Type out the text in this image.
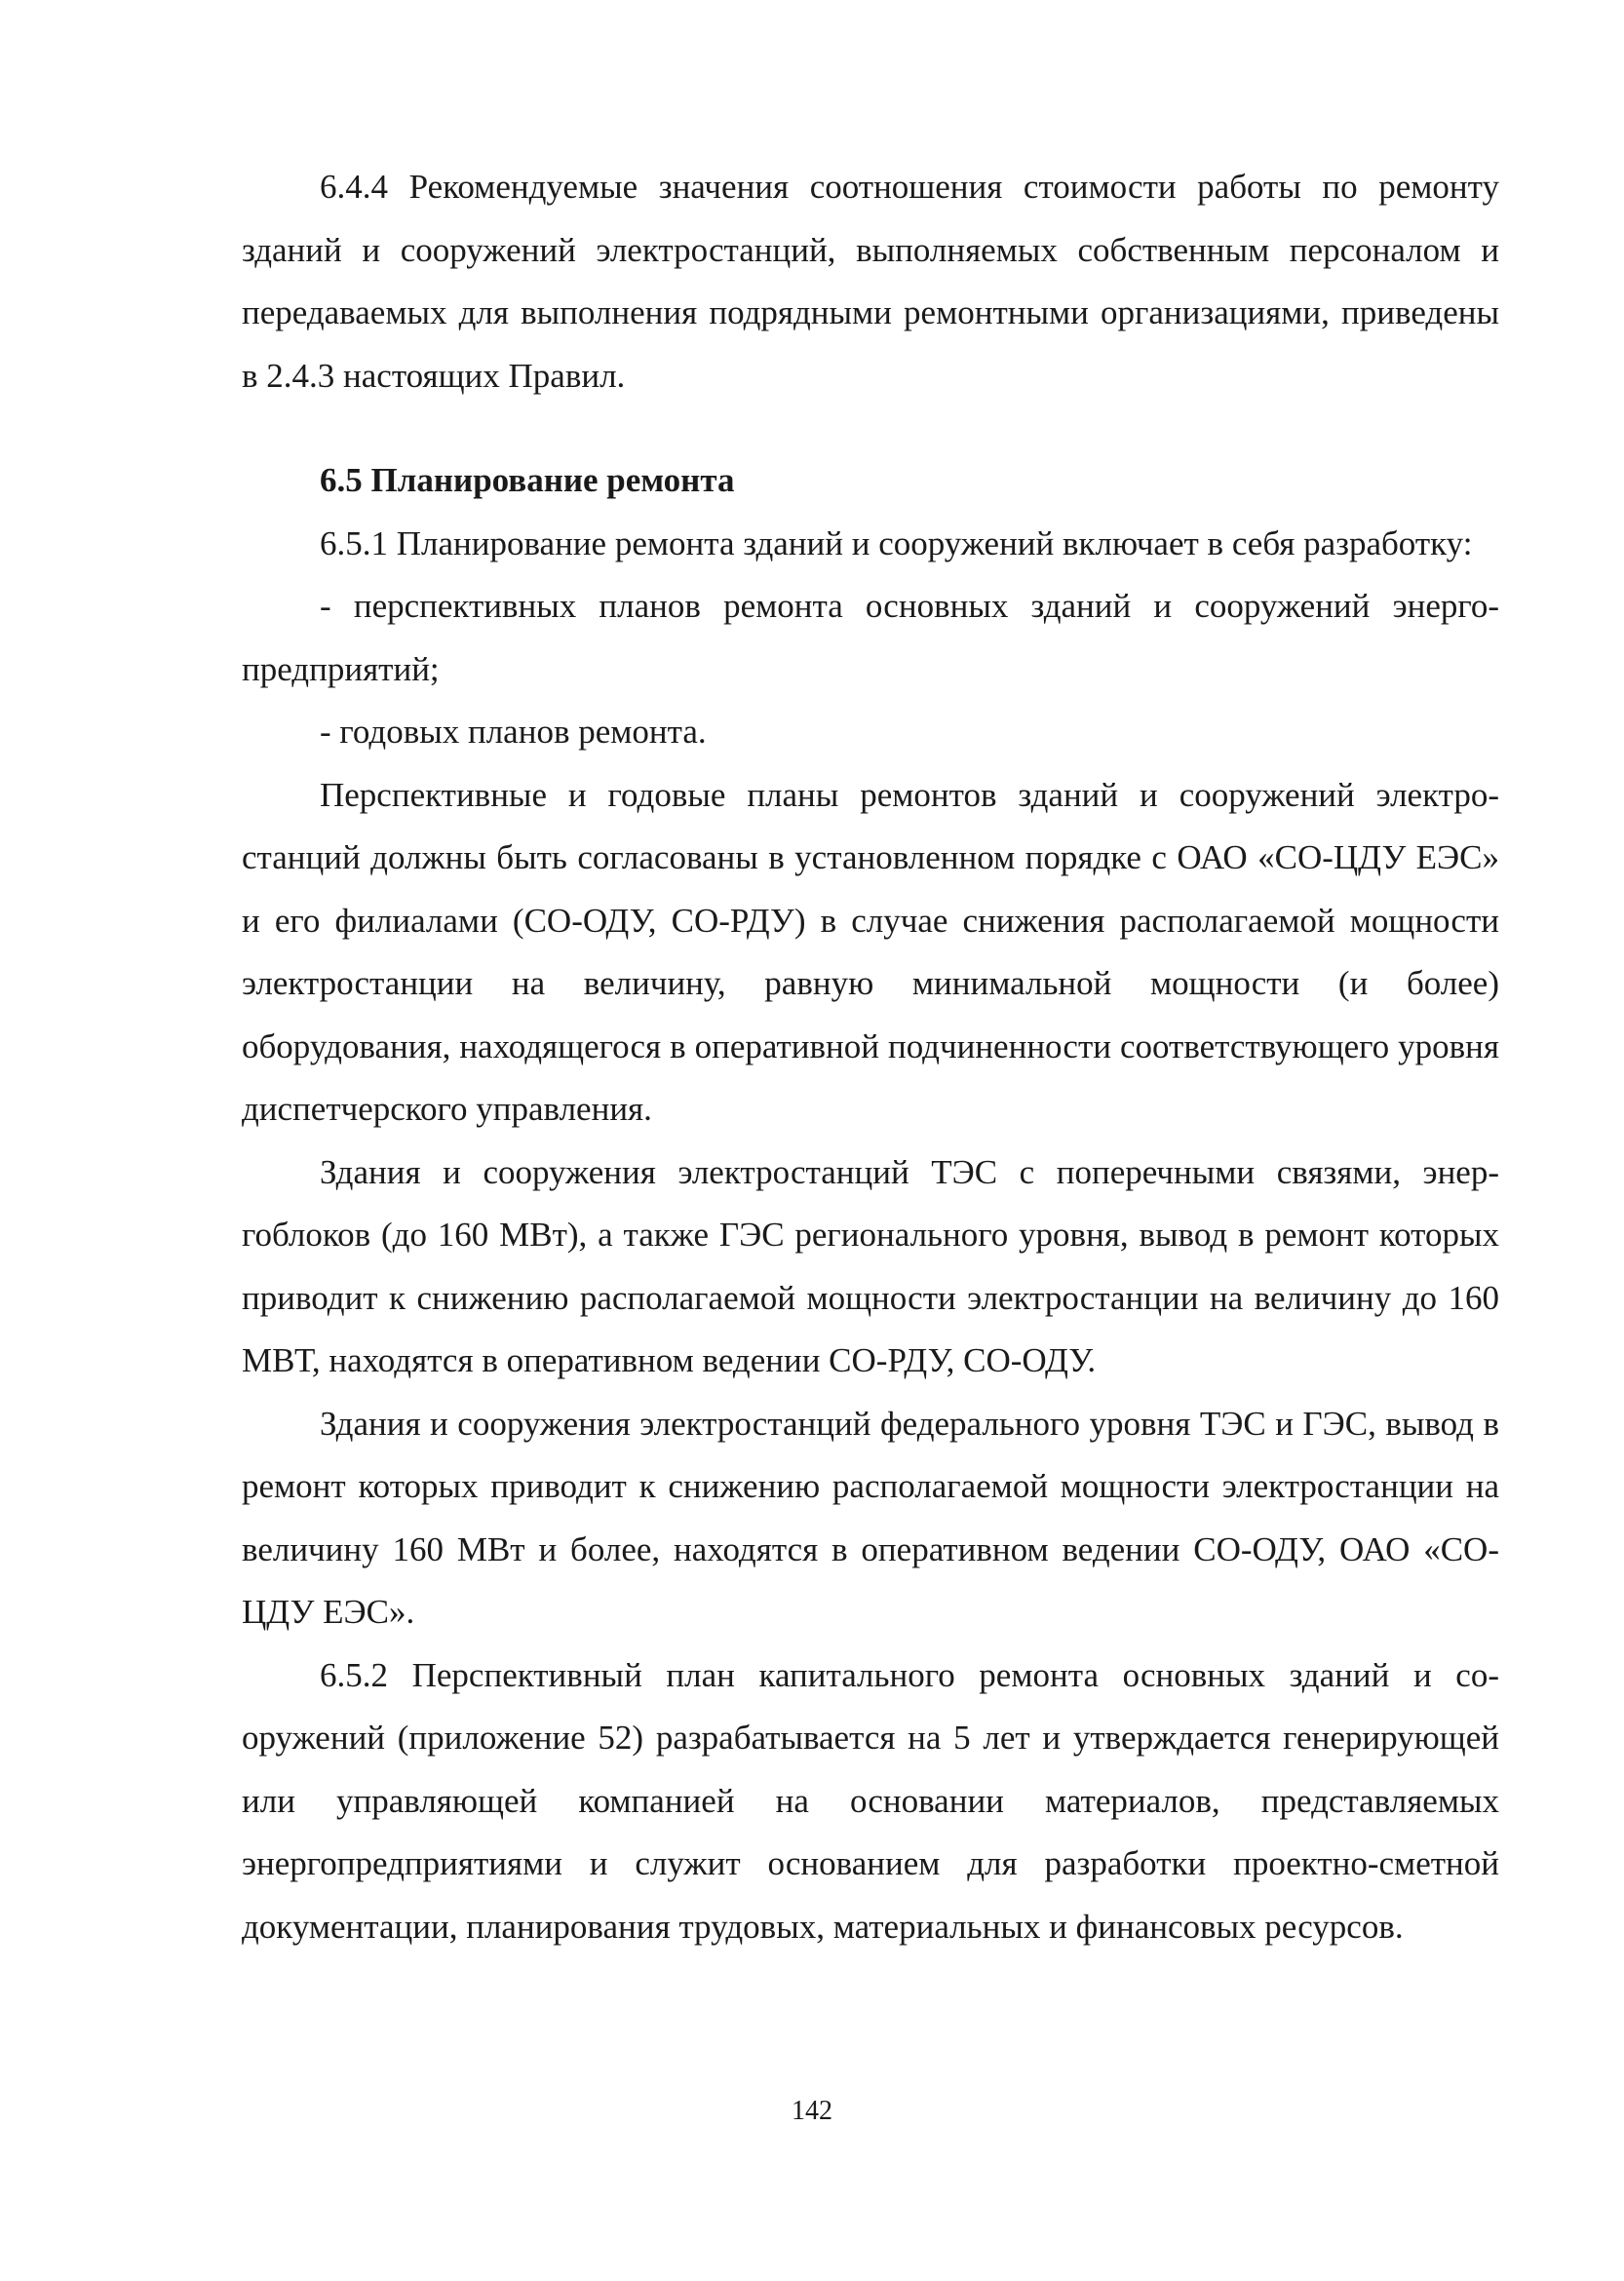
6.4.4 Рекомендуемые значения соотношения стоимости работы по ремонту зданий и сооружений электростанций, выполняемых собственным персоналом и передаваемых для выполнения подрядными ремонтными организациями, приведены в 2.4.3 настоящих Правил.

6.5 Планирование ремонта

6.5.1 Планирование ремонта зданий и сооружений включает в себя разработку:

- перспективных планов ремонта основных зданий и сооружений энергопредприятий;

- годовых планов ремонта.

Перспективные и годовые планы ремонтов зданий и сооружений электростанций должны быть согласованы в установленном порядке с ОАО «СО-ЦДУ ЕЭС» и его филиалами (СО-ОДУ, СО-РДУ) в случае снижения располагаемой мощности электростанции на величину, равную минимальной мощности (и более) оборудования, находящегося в оперативной подчиненности соответствующего уровня диспетчерского управления.

Здания и сооружения электростанций ТЭС с поперечными связями, энергоблоков (до 160 МВт), а также ГЭС регионального уровня, вывод в ремонт которых приводит к снижению располагаемой мощности электростанции на величину до 160 МВТ, находятся в оперативном ведении СО-РДУ, СО-ОДУ.

Здания и сооружения электростанций федерального уровня ТЭС и ГЭС, вывод в ремонт которых приводит к снижению располагаемой мощности электростанции на величину 160 МВт и более, находятся в оперативном ведении СО-ОДУ, ОАО «СО-ЦДУ ЕЭС».

6.5.2 Перспективный план капитального ремонта основных зданий и сооружений (приложение 52) разрабатывается на 5 лет и утверждается генерирующей или управляющей компанией на основании материалов, представляемых энергопредприятиями и служит основанием для разработки проектно-сметной документации, планирования трудовых, материальных и финансовых ресурсов.

142
